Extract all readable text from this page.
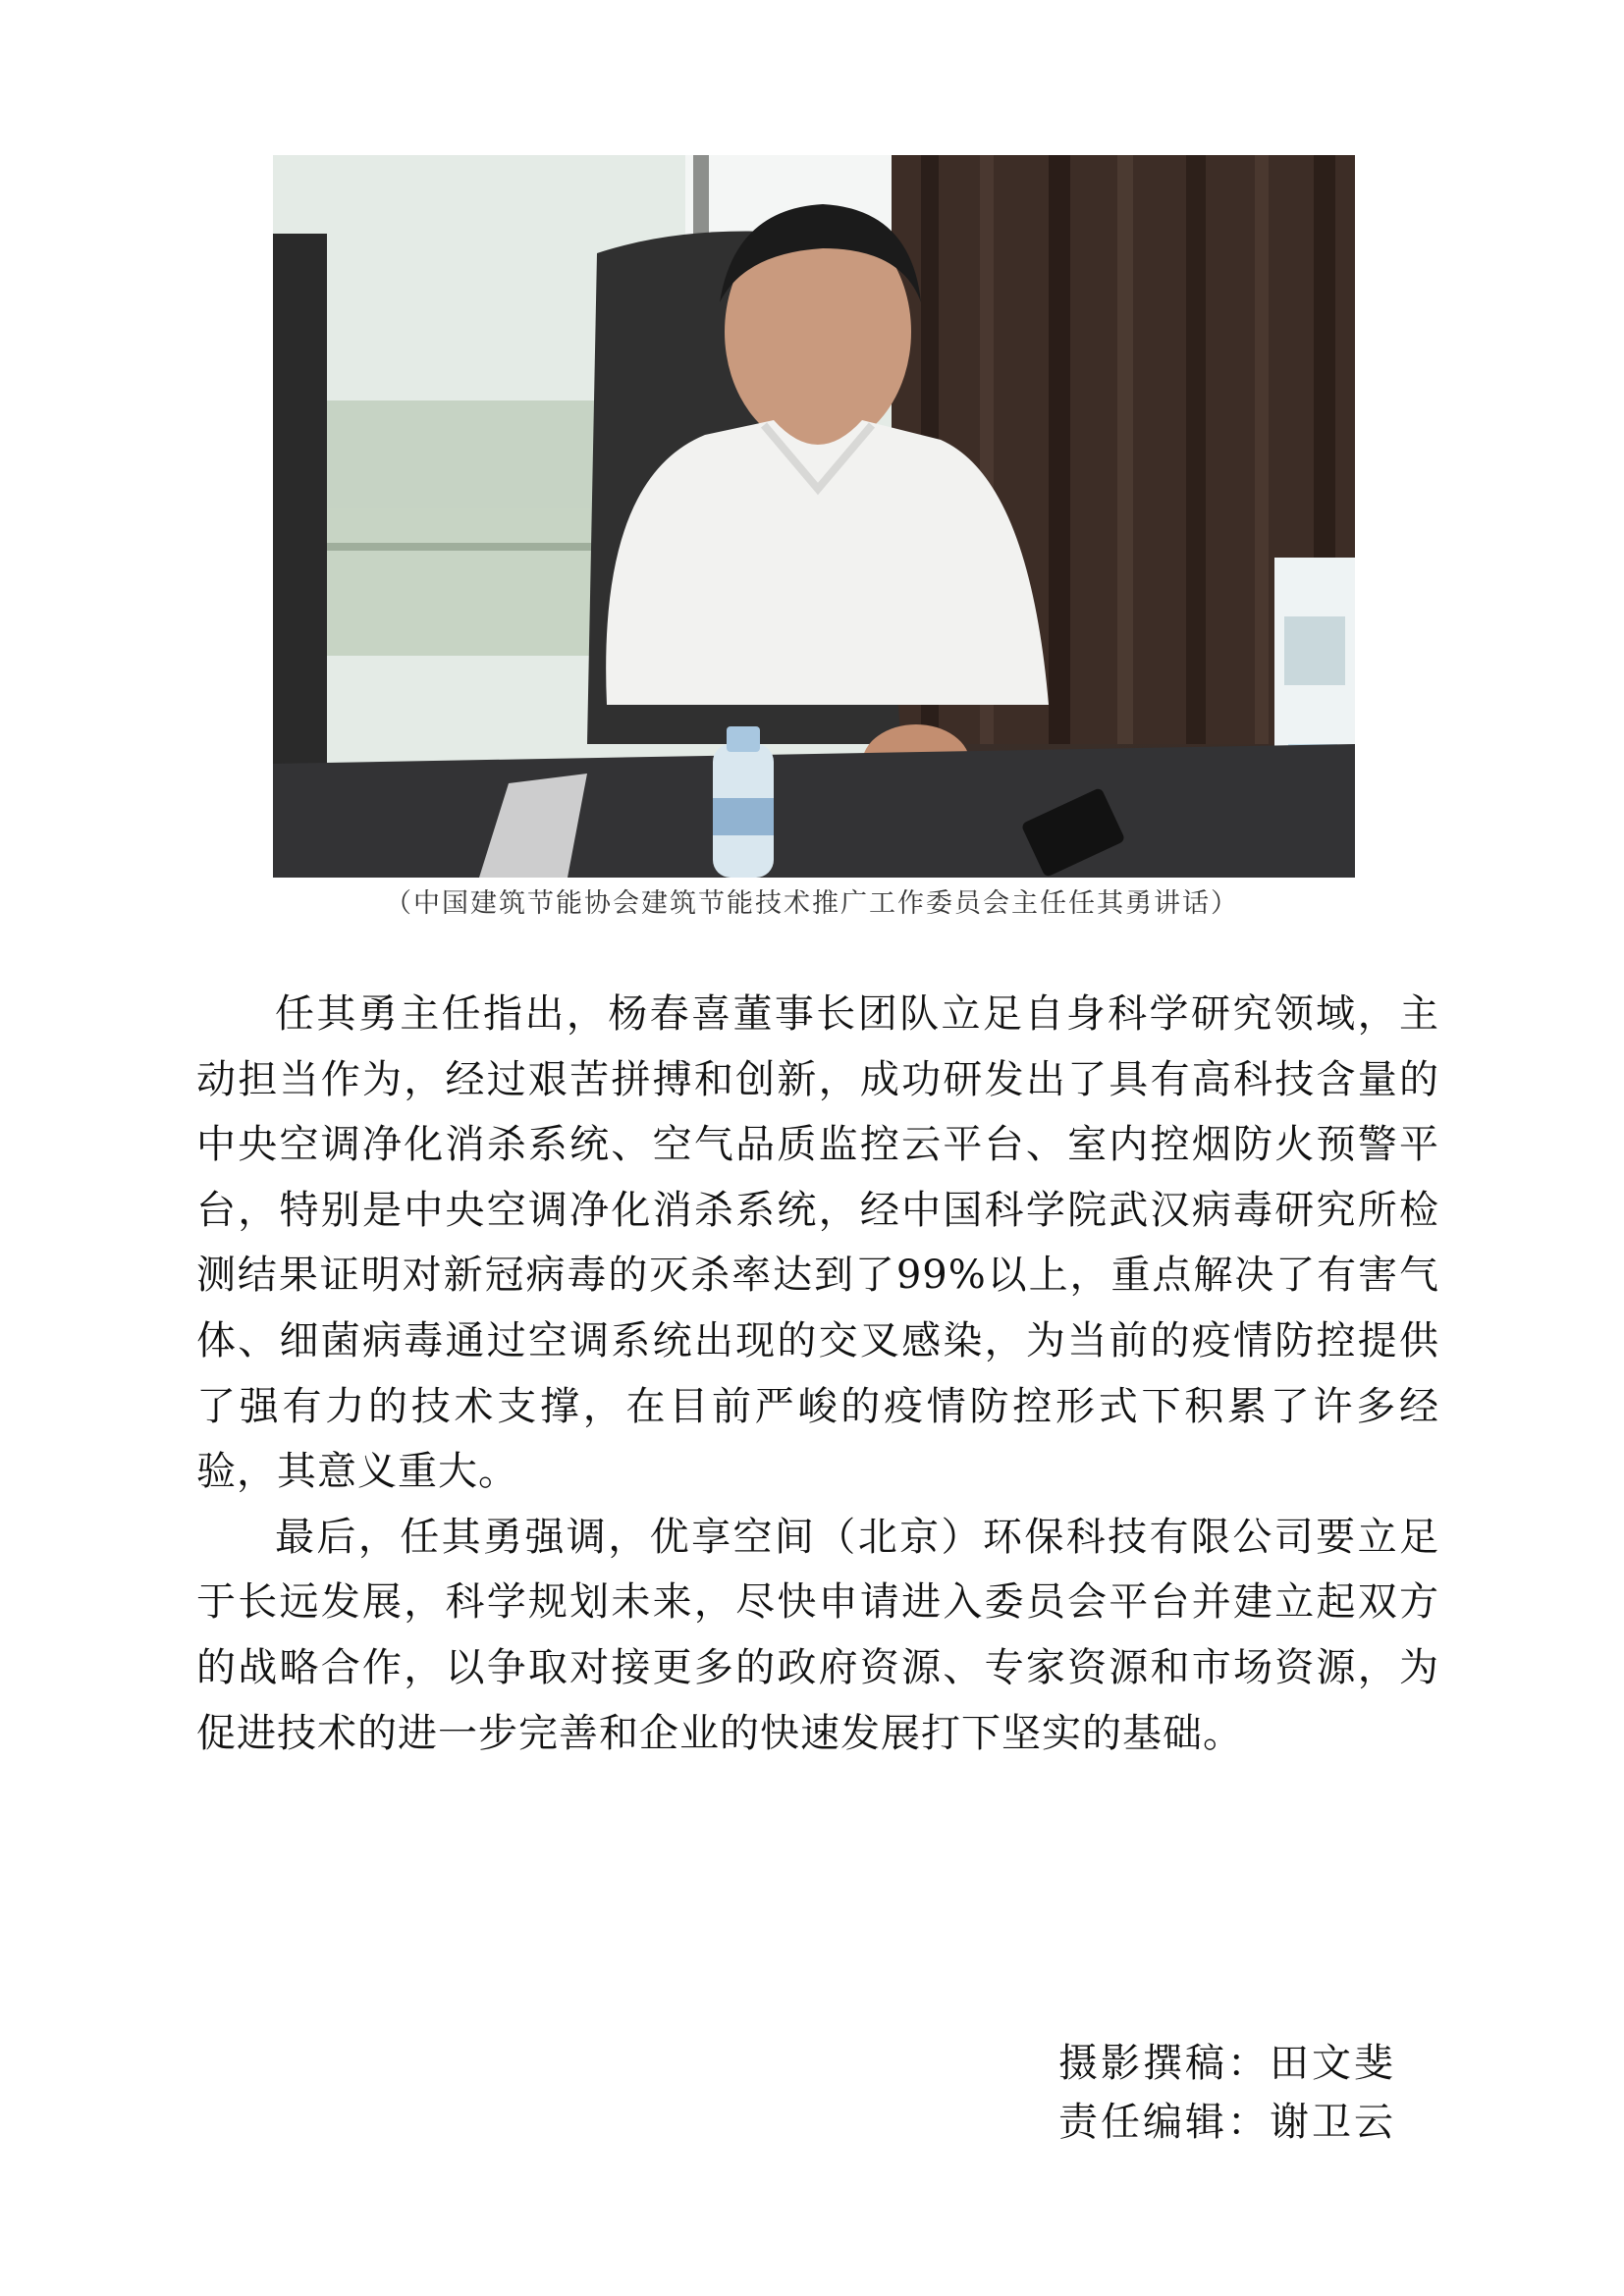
（中国建筑节能协会建筑节能技术推广工作委员会主任任其勇讲话）

任其勇主任指出，杨春喜董事长团队立足自身科学研究领域，主动担当作为，经过艰苦拼搏和创新，成功研发出了具有高科技含量的中央空调净化消杀系统、空气品质监控云平台、室内控烟防火预警平台，特别是中央空调净化消杀系统，经中国科学院武汉病毒研究所检测结果证明对新冠病毒的灭杀率达到了99%以上，重点解决了有害气体、细菌病毒通过空调系统出现的交叉感染，为当前的疫情防控提供了强有力的技术支撑，在目前严峻的疫情防控形式下积累了许多经验，其意义重大。

最后，任其勇强调，优享空间（北京）环保科技有限公司要立足于长远发展，科学规划未来，尽快申请进入委员会平台并建立起双方的战略合作，以争取对接更多的政府资源、专家资源和市场资源，为促进技术的进一步完善和企业的快速发展打下坚实的基础。

摄影撰稿：田文斐
责任编辑：谢卫云
